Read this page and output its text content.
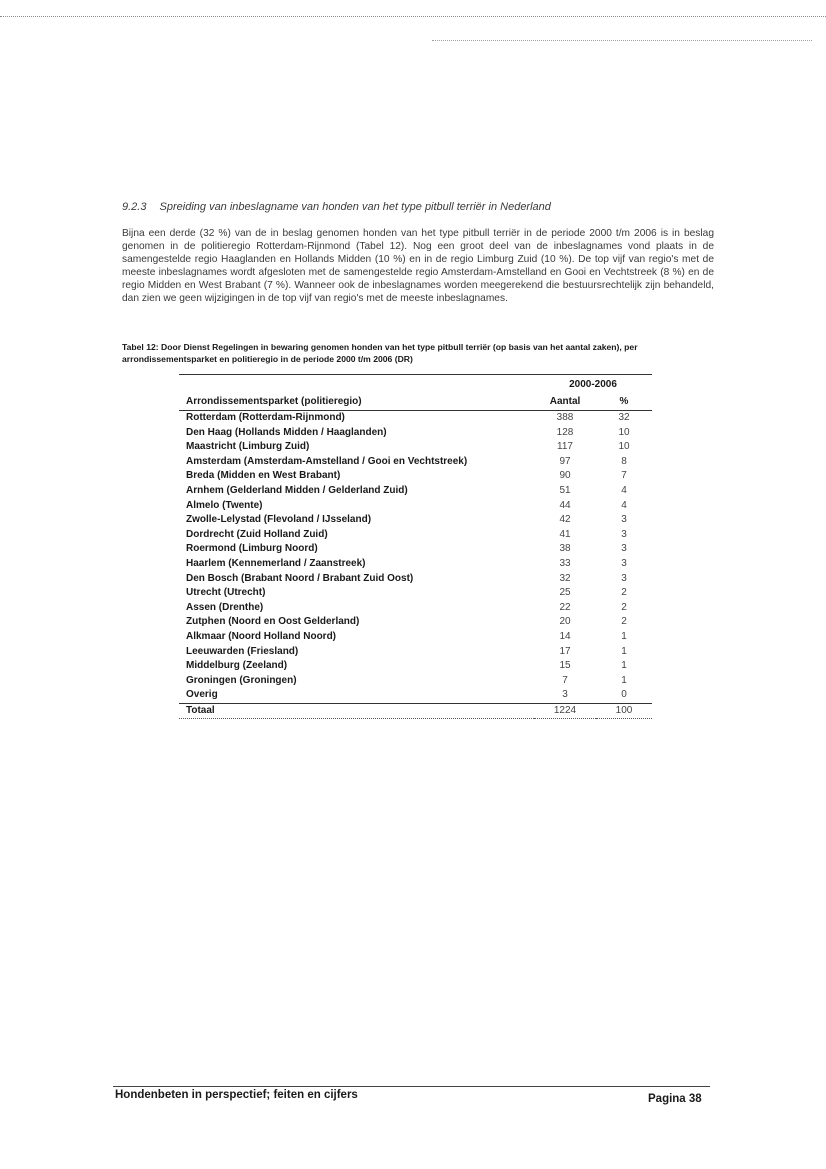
9.2.3 Spreiding van inbeslagname van honden van het type pitbull terriër in Nederland

Bijna een derde (32 %) van de in beslag genomen honden van het type pitbull terriër in de periode 2000 t/m 2006 is in beslag genomen in de politieregio Rotterdam-Rijnmond (Tabel 12). Nog een groot deel van de inbeslagnames vond plaats in de samengestelde regio Haaglanden en Hollands Midden (10 %) en in de regio Limburg Zuid (10 %). De top vijf van regio's met de meeste inbeslagnames wordt afgesloten met de samengestelde regio Amsterdam-Amstelland en Gooi en Vechtstreek (8 %) en de regio Midden en West Brabant (7 %). Wanneer ook de inbeslagnames worden meegerekend die bestuursrechtelijk zijn behandeld, dan zien we geen wijzigingen in de top vijf van regio's met de meeste inbeslagnames.

Tabel 12: Door Dienst Regelingen in bewaring genomen honden van het type pitbull terriër (op basis van het aantal zaken), per arrondissementsparket en politieregio in de periode 2000 t/m 2006 (DR)

	2000-2006	
Arrondissementsparket (politieregio)	Aantal	%
Rotterdam (Rotterdam-Rijnmond)	388	32
Den Haag (Hollands Midden / Haaglanden)	128	10
Maastricht (Limburg Zuid)	117	10
Amsterdam (Amsterdam-Amstelland / Gooi en Vechtstreek)	97	8
Breda (Midden en West Brabant)	90	7
Arnhem (Gelderland Midden / Gelderland Zuid)	51	4
Almelo (Twente)	44	4
Zwolle-Lelystad (Flevoland / IJsseland)	42	3
Dordrecht (Zuid Holland Zuid)	41	3
Roermond (Limburg Noord)	38	3
Haarlem (Kennemerland / Zaanstreek)	33	3
Den Bosch (Brabant Noord / Brabant Zuid Oost)	32	3
Utrecht (Utrecht)	25	2
Assen (Drenthe)	22	2
Zutphen (Noord en Oost Gelderland)	20	2
Alkmaar (Noord Holland Noord)	14	1
Leeuwarden (Friesland)	17	1
Middelburg (Zeeland)	15	1
Groningen (Groningen)	7	1
Overig	3	0
Totaal	1224	100
Hondenbeten in perspectief; feiten en cijfers	Pagina 38
